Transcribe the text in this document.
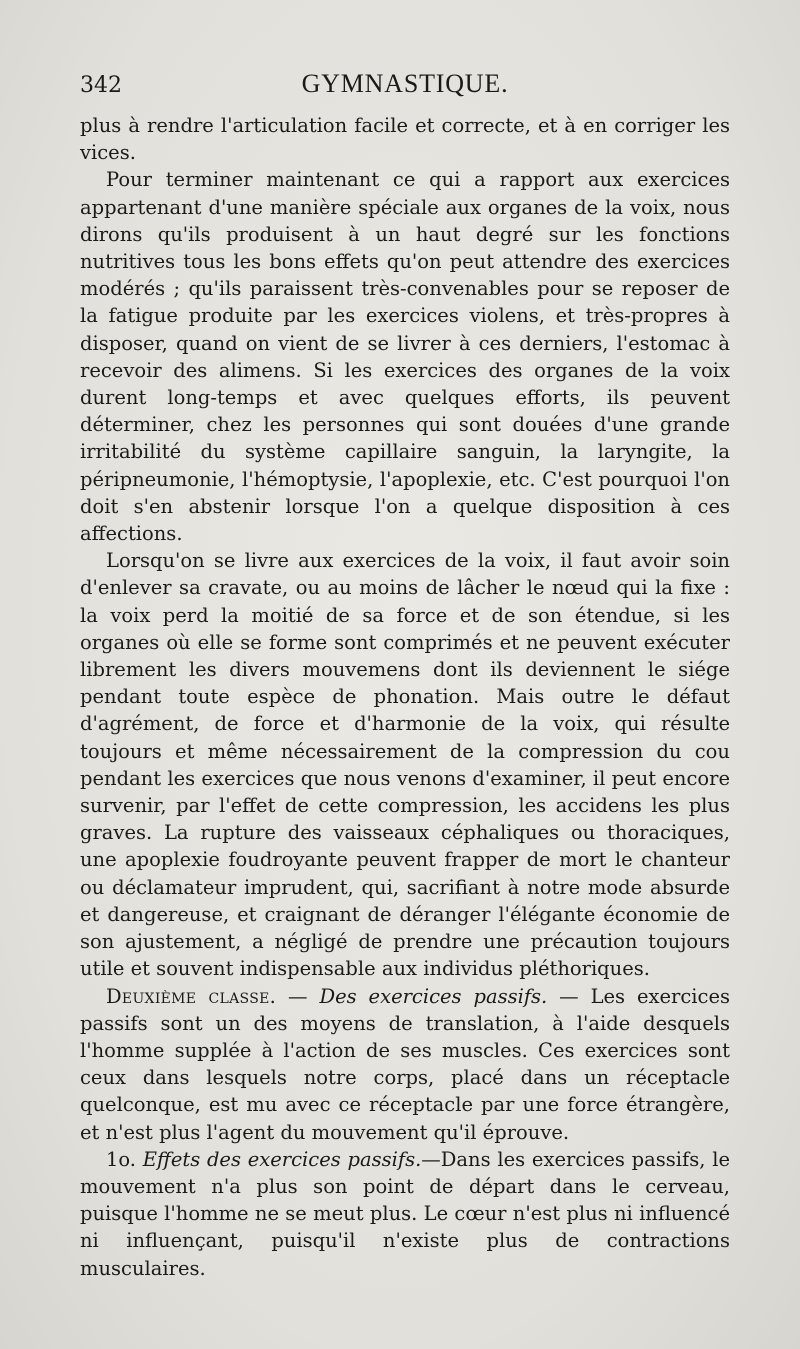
342	GYMNASTIQUE.

plus à rendre l'articulation facile et correcte, et à en corriger les vices.

Pour terminer maintenant ce qui a rapport aux exercices appartenant d'une manière spéciale aux organes de la voix, nous dirons qu'ils produisent à un haut degré sur les fonctions nutritives tous les bons effets qu'on peut attendre des exercices modérés ; qu'ils paraissent très-convenables pour se reposer de la fatigue produite par les exercices violens, et très-propres à disposer, quand on vient de se livrer à ces derniers, l'estomac à recevoir des alimens. Si les exercices des organes de la voix durent long-temps et avec quelques efforts, ils peuvent déterminer, chez les personnes qui sont douées d'une grande irritabilité du système capillaire sanguin, la laryngite, la péripneumonie, l'hémoptysie, l'apoplexie, etc. C'est pourquoi l'on doit s'en abstenir lorsque l'on a quelque disposition à ces affections.

Lorsqu'on se livre aux exercices de la voix, il faut avoir soin d'enlever sa cravate, ou au moins de lâcher le nœud qui la fixe : la voix perd la moitié de sa force et de son étendue, si les organes où elle se forme sont comprimés et ne peuvent exécuter librement les divers mouvemens dont ils deviennent le siége pendant toute espèce de phonation. Mais outre le défaut d'agrément, de force et d'harmonie de la voix, qui résulte toujours et même nécessairement de la compression du cou pendant les exercices que nous venons d'examiner, il peut encore survenir, par l'effet de cette compression, les accidens les plus graves. La rupture des vaisseaux céphaliques ou thoraciques, une apoplexie foudroyante peuvent frapper de mort le chanteur ou déclamateur imprudent, qui, sacrifiant à notre mode absurde et dangereuse, et craignant de déranger l'élégante économie de son ajustement, a négligé de prendre une précaution toujours utile et souvent indispensable aux individus pléthoriques.

Deuxième classe. — Des exercices passifs. — Les exercices passifs sont un des moyens de translation, à l'aide desquels l'homme supplée à l'action de ses muscles. Ces exercices sont ceux dans lesquels notre corps, placé dans un réceptacle quelconque, est mu avec ce réceptacle par une force étrangère, et n'est plus l'agent du mouvement qu'il éprouve.

1o. Effets des exercices passifs.—Dans les exercices passifs, le mouvement n'a plus son point de départ dans le cerveau, puisque l'homme ne se meut plus. Le cœur n'est plus ni influencé ni influençant, puisqu'il n'existe plus de contractions musculaires.
